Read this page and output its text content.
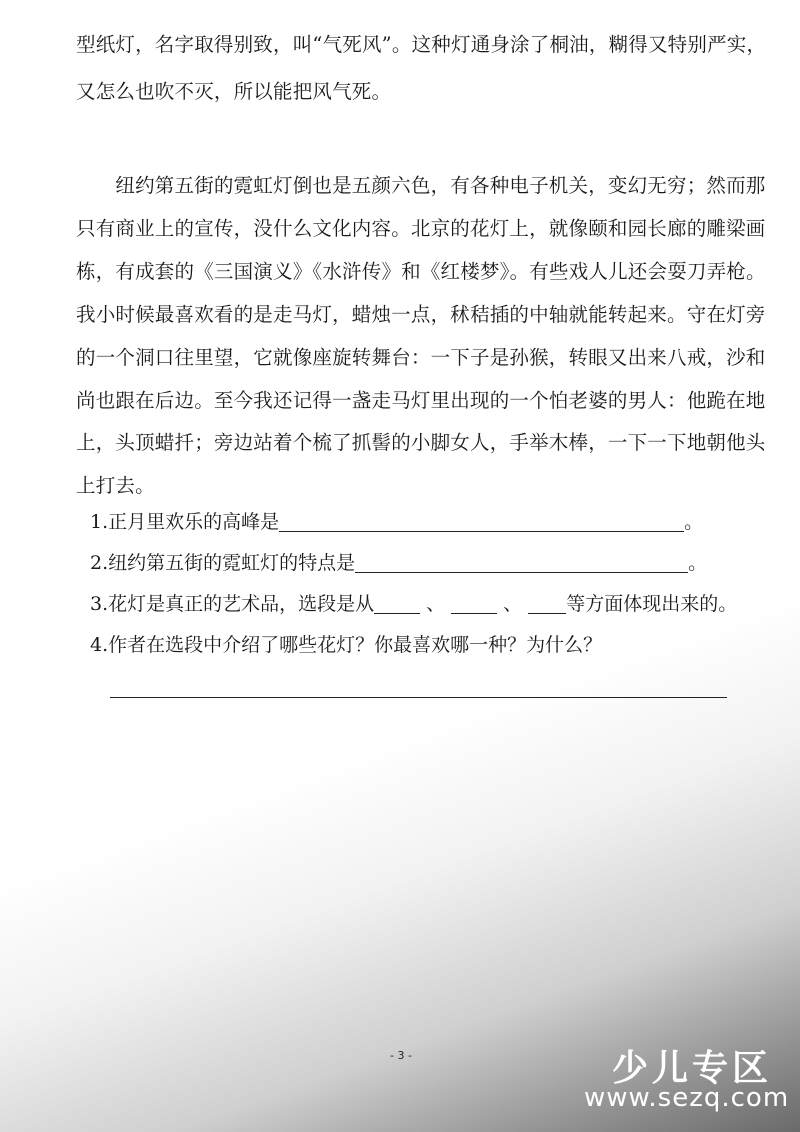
型纸灯，名字取得别致，叫“气死风”。这种灯通身涂了桐油，糊得又特别严实，
又怎么也吹不灭，所以能把风气死。
　　纽约第五街的霓虹灯倒也是五颜六色，有各种电子机关，变幻无穷；然而那
只有商业上的宣传，没什么文化内容。北京的花灯上，就像颐和园长廊的雕梁画
栋，有成套的《三国演义》《水浒传》和《红楼梦》。有些戏人儿还会耍刀弄枪。
我小时候最喜欢看的是走马灯，蜡烛一点，秫秸插的中轴就能转起来。守在灯旁
的一个洞口往里望，它就像座旋转舞台：一下子是孙猴，转眼又出来八戒，沙和
尚也跟在后边。至今我还记得一盏走马灯里出现的一个怕老婆的男人：他跪在地
上，头顶蜡扦；旁边站着个梳了抓髻的小脚女人，手举木棒，一下一下地朝他头
上打去。
1. 正月里欢乐的高峰是	。
2. 纽约第五街的霓虹灯的特点是	。
3. 花灯是真正的艺术品，选段是从	、	、 等方面体现出来的。
4. 作者在选段中介绍了哪些花灯？你最喜欢哪一种？为什么？
- 3 -	少儿专区
www.sezq.com
